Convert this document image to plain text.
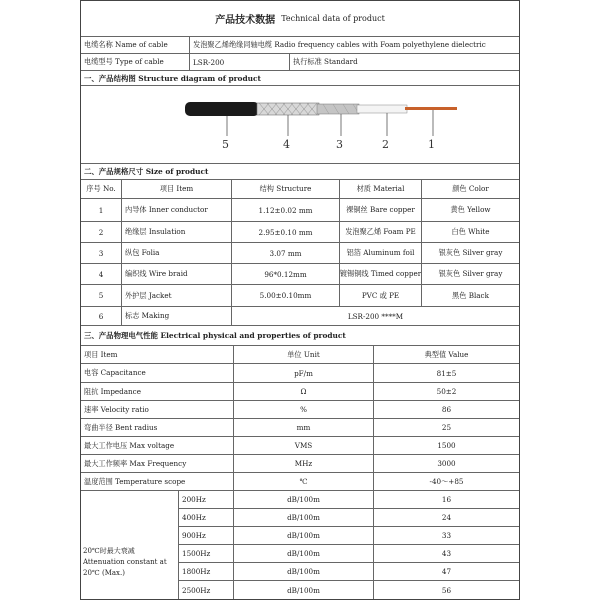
产品技术数据 Technical data of product
电缆名称 Name of cable	发泡聚乙烯绝缘同轴电缆 Radio frequency cables with Foam polyethylene dielectric
电缆型号 Type of cable	LSR-200	执行标准 Standard
一、产品结构图 Structure diagram of product
5	4	3	2	1
二、产品规格尺寸 Size of product
序号 No.	项目 Item	结构 Structure	材质 Material	颜色 Color
1	内导体 Inner conductor	1.12±0.02 mm	裸铜丝 Bare copper	黄色 Yellow
2	绝缘层 Insulation	2.95±0.10 mm	发泡聚乙烯 Foam PE	白色 White
3	纵包 Folia	3.07 mm	铝箔 Aluminum foil	银灰色 Silver gray
4	编织线 Wire braid	96*0.12mm	镀锡铜线 Timed copper	银灰色 Silver gray
5	外护层 Jacket	5.00±0.10mm	PVC 或 PE	黑色 Black
6	标志 Making	LSR-200 ****M
三、产品物理电气性能 Electrical physical and properties of product
项目 Item	单位 Unit	典型值 Value
电容 Capacitance	pF/m	81±5
阻抗 Impedance	Ω	50±2
速率 Velocity ratio	%	86
弯曲半径 Bent radius	mm	25
最大工作电压 Max voltage	VMS	1500
最大工作频率 Max Frequency	MHz	3000
温度范围 Temperature scope	℃	-40～+85
20℃时最大衰减 Attenuation constant at 20℃ (Max.)
200Hz	dB/100m	16
400Hz	dB/100m	24
900Hz	dB/100m	33
1500Hz	dB/100m	43
1800Hz	dB/100m	47
2500Hz	dB/100m	56
